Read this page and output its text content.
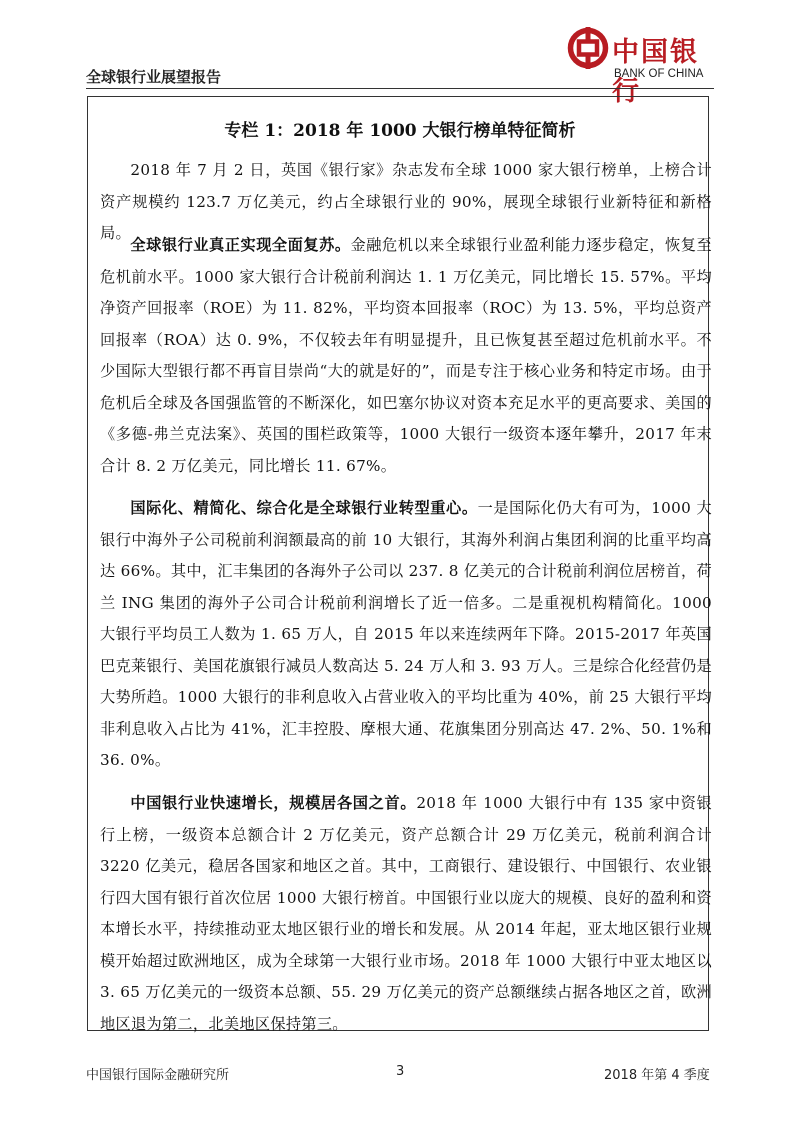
全球银行业展望报告
中国银行
BANK OF CHINA
专栏 1：2018 年 1000 大银行榜单特征简析

2018 年 7 月 2 日，英国《银行家》杂志发布全球 1000 家大银行榜单，上榜合计资产规模约 123.7 万亿美元，约占全球银行业的 90%，展现全球银行业新特征和新格局。

全球银行业真正实现全面复苏。金融危机以来全球银行业盈利能力逐步稳定，恢复至危机前水平。1000 家大银行合计税前利润达 1. 1 万亿美元，同比增长 15. 57%。平均净资产回报率（ROE）为 11. 82%，平均资本回报率（ROC）为 13. 5%，平均总资产回报率（ROA）达 0. 9%，不仅较去年有明显提升，且已恢复甚至超过危机前水平。不少国际大型银行都不再盲目崇尚“大的就是好的”，而是专注于核心业务和特定市场。由于危机后全球及各国强监管的不断深化，如巴塞尔协议对资本充足水平的更高要求、美国的《多德-弗兰克法案》、英国的围栏政策等，1000 大银行一级资本逐年攀升，2017 年末合计 8. 2 万亿美元，同比增长 11. 67%。

国际化、精简化、综合化是全球银行业转型重心。一是国际化仍大有可为，1000 大银行中海外子公司税前利润额最高的前 10 大银行，其海外利润占集团利润的比重平均高达 66%。其中，汇丰集团的各海外子公司以 237. 8 亿美元的合计税前利润位居榜首，荷兰 ING 集团的海外子公司合计税前利润增长了近一倍多。二是重视机构精简化。1000 大银行平均员工人数为 1. 65 万人，自 2015 年以来连续两年下降。2015-2017 年英国巴克莱银行、美国花旗银行减员人数高达 5. 24 万人和 3. 93 万人。三是综合化经营仍是大势所趋。1000 大银行的非利息收入占营业收入的平均比重为 40%，前 25 大银行平均非利息收入占比为 41%，汇丰控股、摩根大通、花旗集团分别高达 47. 2%、50. 1%和 36. 0%。

中国银行业快速增长，规模居各国之首。2018 年 1000 大银行中有 135 家中资银行上榜，一级资本总额合计 2 万亿美元，资产总额合计 29 万亿美元，税前利润合计 3220 亿美元，稳居各国家和地区之首。其中，工商银行、建设银行、中国银行、农业银行四大国有银行首次位居 1000 大银行榜首。中国银行业以庞大的规模、良好的盈利和资本增长水平，持续推动亚太地区银行业的增长和发展。从 2014 年起，亚太地区银行业规模开始超过欧洲地区，成为全球第一大银行业市场。2018 年 1000 大银行中亚太地区以 3. 65 万亿美元的一级资本总额、55. 29 万亿美元的资产总额继续占据各地区之首，欧洲地区退为第二，北美地区保持第三。

中国银行国际金融研究所	3	2018 年第 4 季度
